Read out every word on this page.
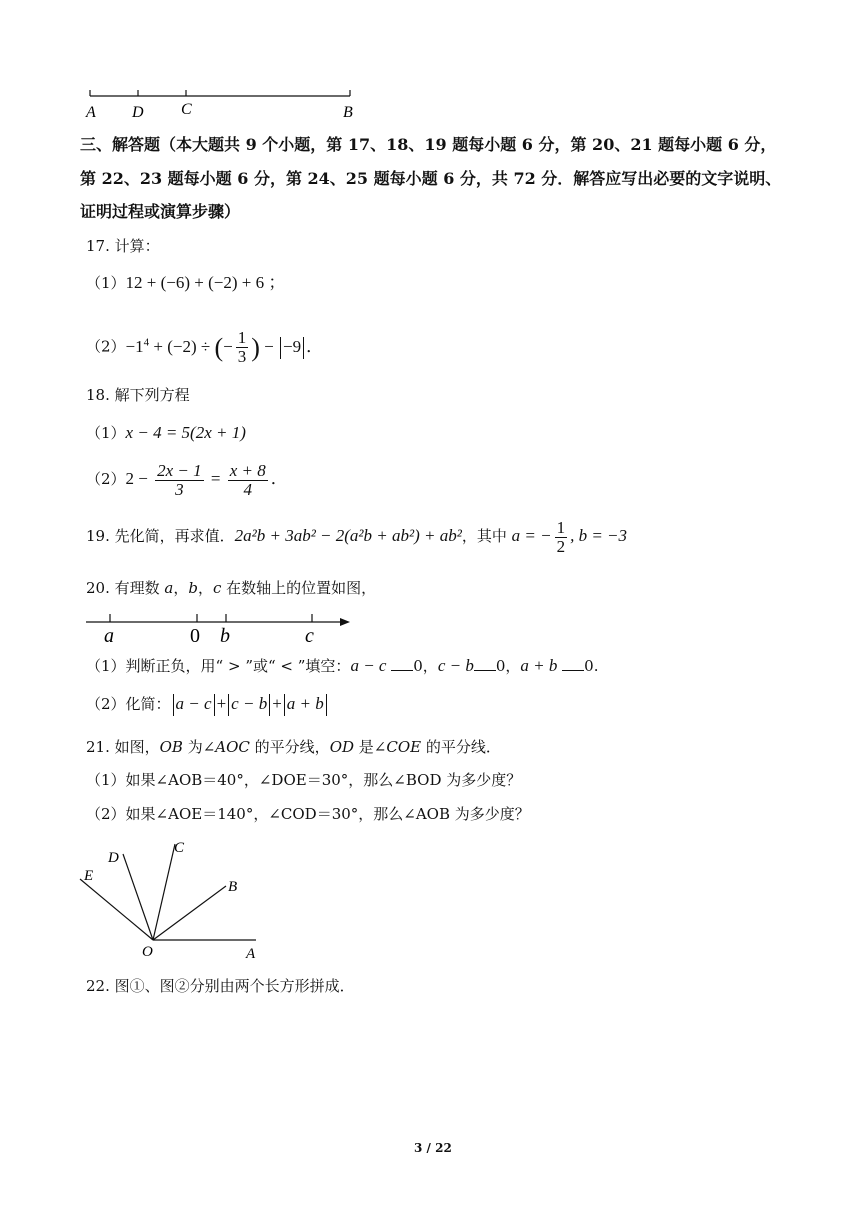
A D C	B
三、解答题（本大题共 9 个小题，第 17、18、19 题每小题 6 分，第 20、21 题每小题 6 分，
第 22、23 题每小题 6 分，第 24、25 题每小题 6 分，共 72 分．解答应写出必要的文字说明、
证明过程或演算步骤）
17. 计算：
（1）12 + (−6) + (−2) + 6 ；
$(2)-1^4 + (-2)$ ÷ (− $\frac{1}{3}$ ) − −9 ．
18. 解下列方程
（1）x − 4 = 5(2x + 1)
$(2)2 - \frac{2x - 1}{3} = \frac{x + 8}{4}$ ．
19. 先化简，再求值．2a²b + 3ab² − 2(a²b + ab²) + ab²，其中 a = − $\frac{1}{2}$ , b = −3
20. 有理数 a，b，c 在数轴上的位置如图，
a	0 b	c
（1）判断正负，用“ > ”或“ < ”填空：a − c 0，c − b 0，a + b 0.
（2）化简： a − c + c − b + a + b
21. 如图，OB 为∠AOC 的平分线，OD 是∠COE 的平分线．
（1）如果∠AOB＝40°，∠DOE＝30°，那么∠BOD 为多少度？
（2）如果∠AOE＝140°，∠COD＝30°，那么∠AOB 为多少度？
D
C
E
B
O	A
22. 图①、图②分别由两个长方形拼成．
3 / 22
